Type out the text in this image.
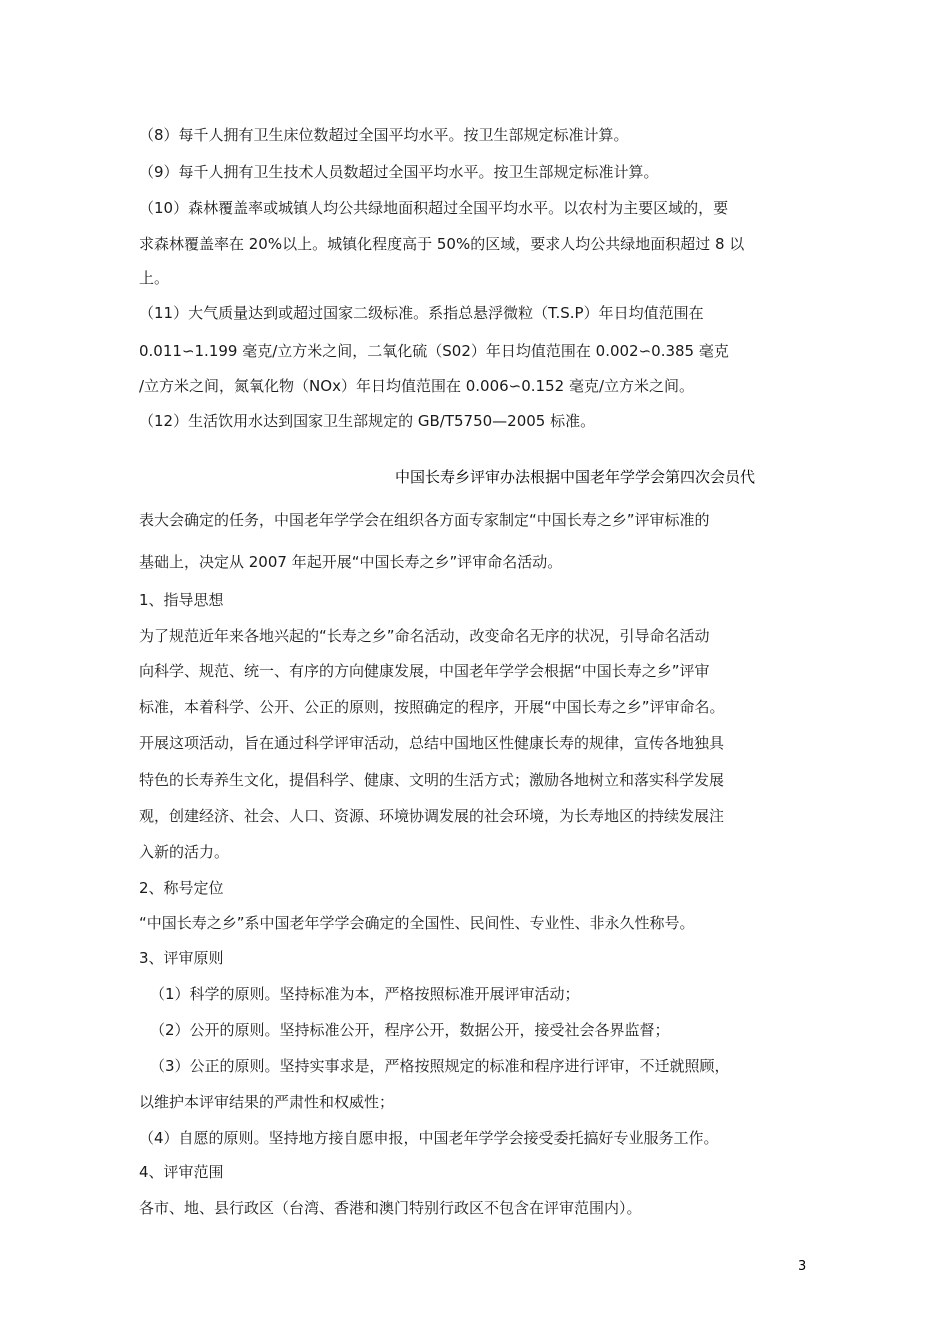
（8）每千人拥有卫生床位数超过全国平均水平。按卫生部规定标准计算。
（9）每千人拥有卫生技术人员数超过全国平均水平。按卫生部规定标准计算。
（10）森林覆盖率或城镇人均公共绿地面积超过全国平均水平。以农村为主要区域的，要
求森林覆盖率在 20%以上。城镇化程度高于 50%的区域，要求人均公共绿地面积超过 8 以
上。
（11）大气质量达到或超过国家二级标准。系指总悬浮微粒（T.S.P）年日均值范围在
0.011∽1.199 毫克/立方米之间，二氧化硫（S02）年日均值范围在 0.002∽0.385 毫克
/立方米之间，氮氧化物（NOx）年日均值范围在 0.006∽0.152 毫克/立方米之间。
（12）生活饮用水达到国家卫生部规定的 GB/T5750—2005 标准。
中国长寿乡评审办法根据中国老年学学会第四次会员代
表大会确定的任务，中国老年学学会在组织各方面专家制定“中国长寿之乡”评审标准的
基础上，决定从 2007 年起开展“中国长寿之乡”评审命名活动。
1、指导思想
为了规范近年来各地兴起的“长寿之乡”命名活动，改变命名无序的状况，引导命名活动
向科学、规范、统一、有序的方向健康发展，中国老年学学会根据“中国长寿之乡”评审
标准，本着科学、公开、公正的原则，按照确定的程序，开展“中国长寿之乡”评审命名。
开展这项活动，旨在通过科学评审活动，总结中国地区性健康长寿的规律，宣传各地独具
特色的长寿养生文化，提倡科学、健康、文明的生活方式；激励各地树立和落实科学发展
观，创建经济、社会、人口、资源、环境协调发展的社会环境，为长寿地区的持续发展注
入新的活力。
2、称号定位
“中国长寿之乡”系中国老年学学会确定的全国性、民间性、专业性、非永久性称号。
3、评审原则
（1）科学的原则。坚持标准为本，严格按照标准开展评审活动；
（2）公开的原则。坚持标准公开，程序公开，数据公开，接受社会各界监督；
（3）公正的原则。坚持实事求是，严格按照规定的标准和程序进行评审，不迁就照顾，
以维护本评审结果的严肃性和权威性；
（4）自愿的原则。坚持地方接自愿申报，中国老年学学会接受委托搞好专业服务工作。
4、评审范围
各市、地、县行政区（台湾、香港和澳门特别行政区不包含在评审范围内）。
3
